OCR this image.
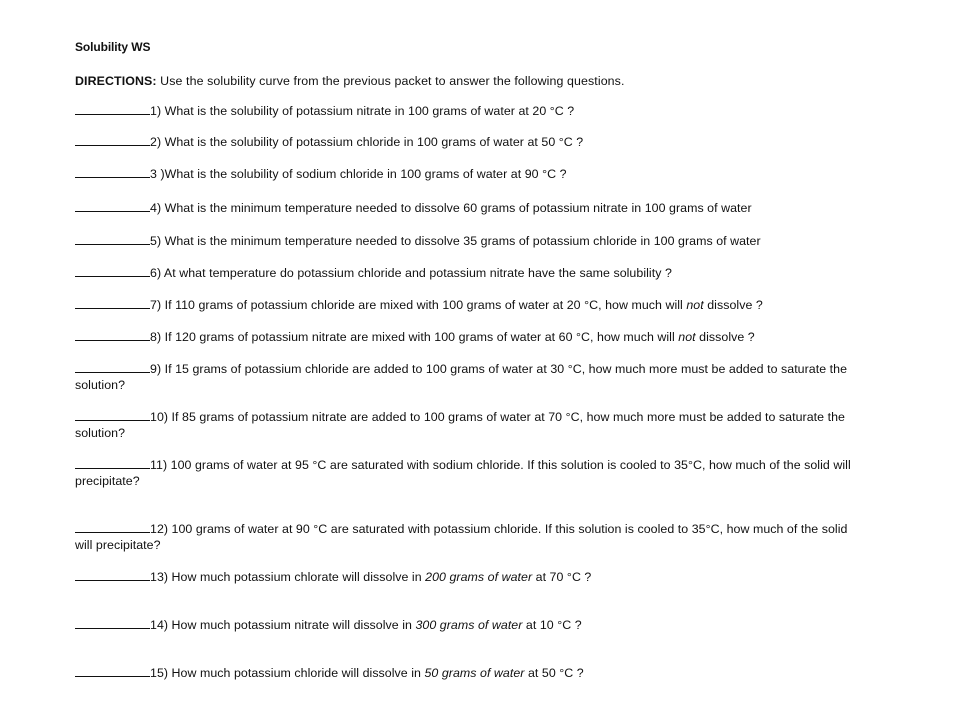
Solubility WS
DIRECTIONS: Use the solubility curve from the previous packet to answer the following questions.
1) What is the solubility of potassium nitrate in 100 grams of water at 20 °C ?
2) What is the solubility of potassium chloride in 100 grams of water at 50 °C ?
3 )What is the solubility of sodium chloride in 100 grams of water at 90 °C ?
4) What is the minimum temperature needed to dissolve 60 grams of potassium nitrate in 100 grams of water
5) What is the minimum temperature needed to dissolve 35 grams of potassium chloride in 100 grams of water
6) At what temperature do potassium chloride and potassium nitrate have the same solubility ?
7) If 110 grams of potassium chloride are mixed with 100 grams of water at 20 °C, how much will not dissolve ?
8) If 120 grams of potassium nitrate are mixed with 100 grams of water at 60 °C, how much will not dissolve ?
9) If 15 grams of potassium chloride are added to 100 grams of water at 30 °C, how much more must be added to saturate the solution?
10) If 85 grams of potassium nitrate are added to 100 grams of water at 70 °C, how much more must be added to saturate the solution?
11) 100 grams of water at 95 °C are saturated with sodium chloride. If this solution is cooled to 35°C, how much of the solid will precipitate?
12) 100 grams of water at 90 °C are saturated with potassium chloride. If this solution is cooled to 35°C, how much of the solid will precipitate?
13) How much potassium chlorate will dissolve in 200 grams of water at 70 °C ?
14) How much potassium nitrate will dissolve in 300 grams of water at 10 °C ?
15) How much potassium chloride will dissolve in 50 grams of water at 50 °C ?
